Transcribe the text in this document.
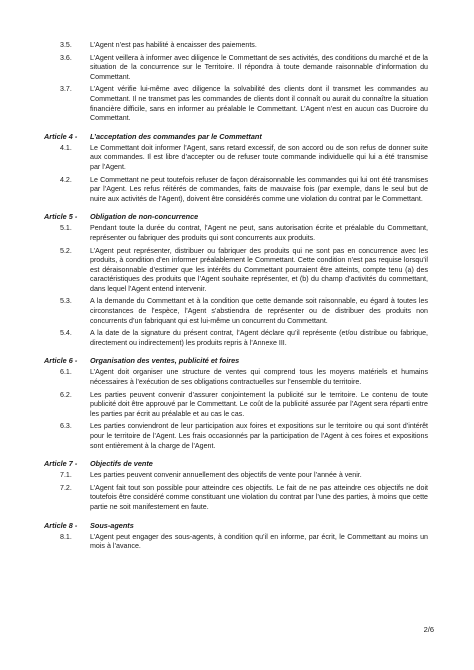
3.5.	L’Agent n’est pas habilité à encaisser des paiements.
3.6.	L’Agent veillera à informer avec diligence le Commettant de ses activités, des conditions du marché et de la situation de la concurrence sur le Territoire. Il répondra à toute demande raisonnable d’information du Commettant.
3.7.	L’Agent vérifie lui-même avec diligence la solvabilité des clients dont il transmet les commandes au Commettant. Il ne transmet pas les commandes de clients dont il connaît ou aurait du connaître la situation financière difficile, sans en informer au préalable le Commettant. L’Agent n’est en aucun cas Ducroire du Commettant.
Article 4 - L’acceptation des commandes par le Commettant
4.1.	Le Commettant doit informer l’Agent, sans retard excessif, de son accord ou de son refus de donner suite aux commandes. Il est libre d’accepter ou de refuser toute commande individuelle qui lui a été transmise par l’Agent.
4.2.	Le Commettant ne peut toutefois refuser de façon déraisonnable les commandes qui lui ont été transmises par l’Agent. Les refus réitérés de commandes, faits de mauvaise fois (par exemple, dans le seul but de nuire aux activités de l’Agent), doivent être considérés comme une violation du contrat par le Commettant.
Article 5 - Obligation de non-concurrence
5.1.	Pendant toute la durée du contrat, l’Agent ne peut, sans autorisation écrite et préalable du Commettant, représenter ou fabriquer des produits qui sont concurrents aux produits.
5.2.	L’Agent peut représenter, distribuer ou fabriquer des produits qui ne sont pas en concurrence avec les produits, à condition d’en informer préalablement le Commettant. Cette condition n’est pas requise lorsqu’il est déraisonnable d’estimer que les intérêts du Commettant pourraient être atteints, compte tenu (a) des caractéristiques des produits que l’Agent souhaite représenter, et (b) du champ d’activités du commettant, dans lequel l’Agent entend intervenir.
5.3.	A la demande du Commettant et à la condition que cette demande soit raisonnable, eu égard à toutes les circonstances de l’espèce, l’Agent s’abstiendra de représenter ou de distribuer des produits non concurrents d’un fabriquant qui est lui-même un concurrent du Commettant.
5.4.	A la date de la signature du présent contrat, l’Agent déclare qu’il représente (et/ou distribue ou fabrique, directement ou indirectement) les produits repris à l’Annexe III.
Article 6 - Organisation des ventes, publicité et foires
6.1.	L’Agent doit organiser une structure de ventes qui comprend tous les moyens matériels et humains nécessaires à l’exécution de ses obligations contractuelles sur l’ensemble du territoire.
6.2.	Les parties peuvent convenir d’assurer conjointement la publicité sur le territoire. Le contenu de toute publicité doit être approuvé par le Commettant. Le coût de la publicité assurée par l’Agent sera réparti entre les parties par écrit au préalable et au cas le cas.
6.3.	Les parties conviendront de leur participation aux foires et expositions sur le territoire ou qui sont d’intérêt pour le territoire de l’Agent. Les frais occasionnés par la participation de l’Agent à ces foires et expositions sont entièrement à la charge de l’Agent.
Article 7 - Objectifs de vente
7.1.	Les parties peuvent convenir annuellement des objectifs de vente pour l’année à venir.
7.2.	L’Agent fait tout son possible pour atteindre ces objectifs. Le fait de ne pas atteindre ces objectifs ne doit toutefois être considéré comme constituant une violation du contrat par l’une des parties, à moins que cette partie ne soit manifestement en faute.
Article 8 - Sous-agents
8.1.	L’Agent peut engager des sous-agents, à condition qu’il en informe, par écrit, le Commettant au moins un mois à l’avance.
2/6
